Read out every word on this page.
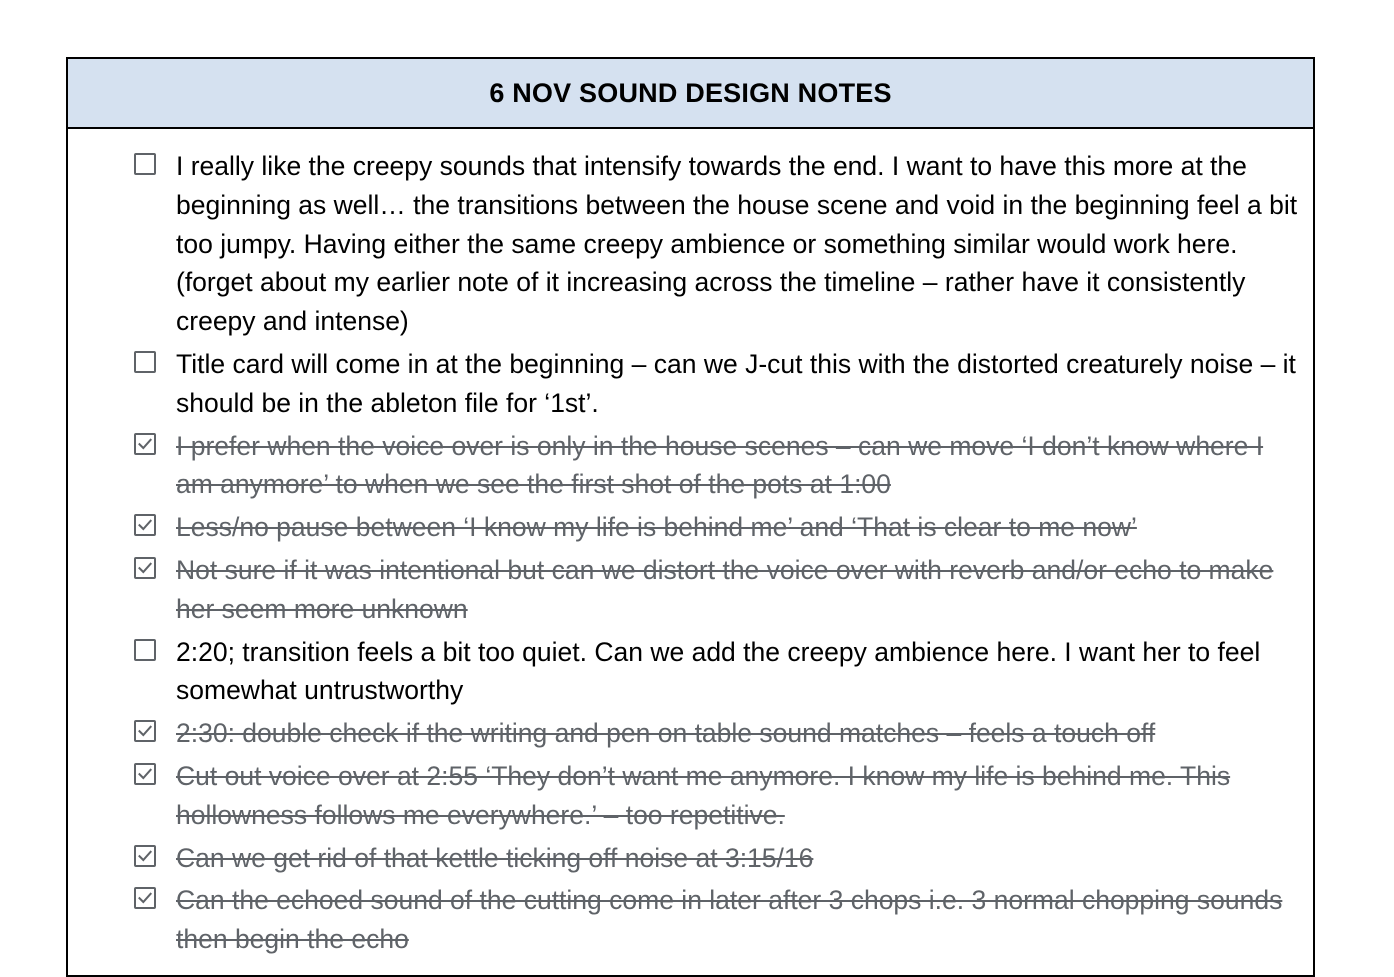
6 NOV SOUND DESIGN NOTES
I really like the creepy sounds that intensify towards the end. I want to have this more at the beginning as well… the transitions between the house scene and void in the beginning feel a bit too jumpy. Having either the same creepy ambience or something similar would work here. (forget about my earlier note of it increasing across the timeline – rather have it consistently creepy and intense)
Title card will come in at the beginning – can we J-cut this with the distorted creaturely noise – it should be in the ableton file for ‘1st’.
I prefer when the voice over is only in the house scenes – can we move ‘I don’t know where I am anymore’ to when we see the first shot of the pots at 1:00
Less/no pause between ‘I know my life is behind me’ and ‘That is clear to me now’
Not sure if it was intentional but can we distort the voice over with reverb and/or echo to make her seem more unknown
2:20; transition feels a bit too quiet. Can we add the creepy ambience here. I want her to feel somewhat untrustworthy
2:30: double check if the writing and pen on table sound matches – feels a touch off
Cut out voice over at 2:55 ‘They don’t want me anymore. I know my life is behind me. This hollowness follows me everywhere.’ – too repetitive.
Can we get rid of that kettle ticking off noise at 3:15/16
Can the echoed sound of the cutting come in later after 3 chops i.e. 3 normal chopping sounds then begin the echo
